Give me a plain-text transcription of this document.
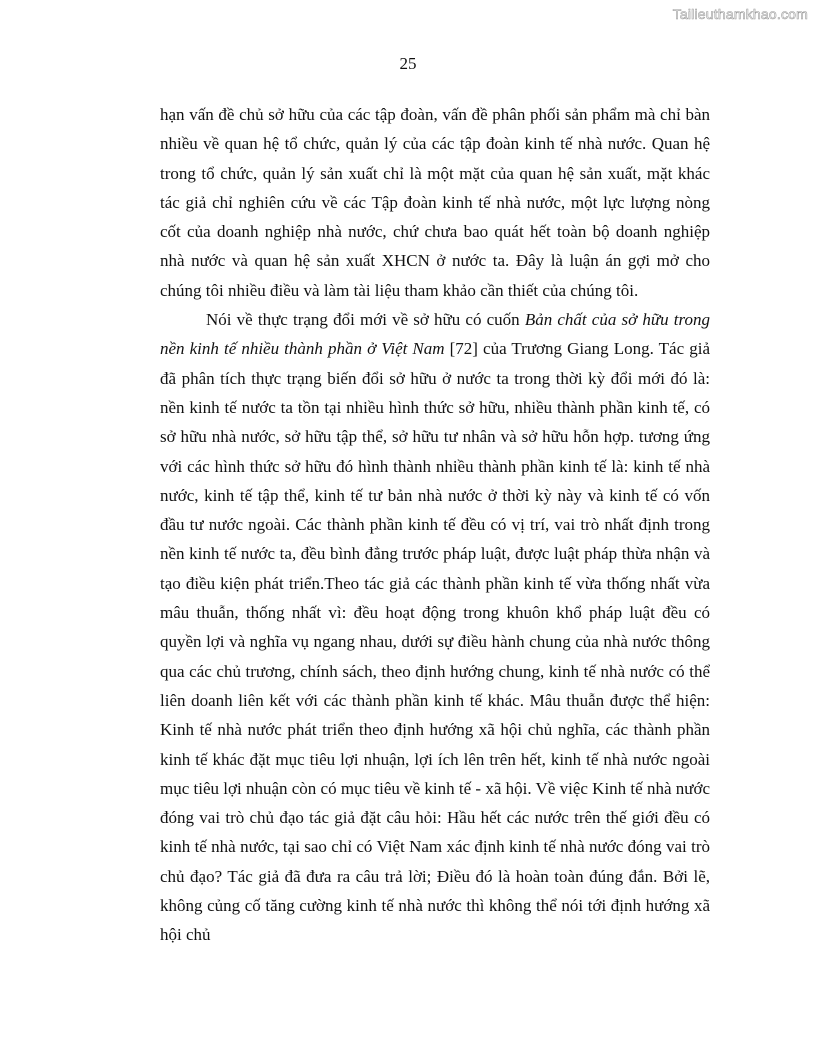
Tailieuthamkhao.com
25

hạn vấn đề chủ sở hữu của các tập đoàn, vấn đề phân phối sản phẩm mà chỉ bàn nhiều về quan hệ tổ chức, quản lý của các tập đoàn kinh tế nhà nước. Quan hệ trong tổ chức, quản lý sản xuất chỉ là một mặt của quan hệ sản xuất, mặt khác tác giả chỉ nghiên cứu về các Tập đoàn kinh tế nhà nước, một lực lượng nòng cốt của doanh nghiệp nhà nước, chứ chưa bao quát hết toàn bộ doanh nghiệp nhà nước và quan hệ sản xuất XHCN ở nước ta. Đây là luận án gợi mở cho chúng tôi nhiều điều và làm tài liệu tham khảo cần thiết của chúng tôi.

Nói về thực trạng đổi mới về sở hữu có cuốn Bản chất của sở hữu trong nền kinh tế nhiều thành phần ở Việt Nam [72] của Trương Giang Long. Tác giả đã phân tích thực trạng biến đổi sở hữu ở nước ta trong thời kỳ đổi mới đó là: nền kinh tế nước ta tồn tại nhiều hình thức sở hữu, nhiều thành phần kinh tế, có sở hữu nhà nước, sở hữu tập thể, sở hữu tư nhân và sở hữu hỗn hợp. tương ứng với các hình thức sở hữu đó hình thành nhiều thành phần kinh tế là: kinh tế nhà nước, kinh tế tập thể, kinh tế tư bản nhà nước ở thời kỳ này và kinh tế có vốn đầu tư nước ngoài. Các thành phần kinh tế đều có vị trí, vai trò nhất định trong nền kinh tế nước ta, đều bình đẳng trước pháp luật, được luật pháp thừa nhận và tạo điều kiện phát triển.Theo tác giả các thành phần kinh tế vừa thống nhất vừa mâu thuẫn, thống nhất vì: đều hoạt động trong khuôn khổ pháp luật đều có quyền lợi và nghĩa vụ ngang nhau, dưới sự điều hành chung của nhà nước thông qua các chủ trương, chính sách, theo định hướng chung, kinh tế nhà nước có thể liên doanh liên kết với các thành phần kinh tế khác. Mâu thuẫn được thể hiện: Kinh tế nhà nước phát triển theo định hướng xã hội chủ nghĩa, các thành phần kinh tế khác đặt mục tiêu lợi nhuận, lợi ích lên trên hết, kinh tế nhà nước ngoài mục tiêu lợi nhuận còn có mục tiêu về kinh tế - xã hội. Về việc Kinh tế nhà nước đóng vai trò chủ đạo tác giả đặt câu hỏi: Hầu hết các nước trên thế giới đều có kinh tế nhà nước, tại sao chỉ có Việt Nam xác định kinh tế nhà nước đóng vai trò chủ đạo? Tác giả đã đưa ra câu trả lời; Điều đó là hoàn toàn đúng đắn. Bởi lẽ, không củng cố tăng cường kinh tế nhà nước thì không thể nói tới định hướng xã hội chủ
